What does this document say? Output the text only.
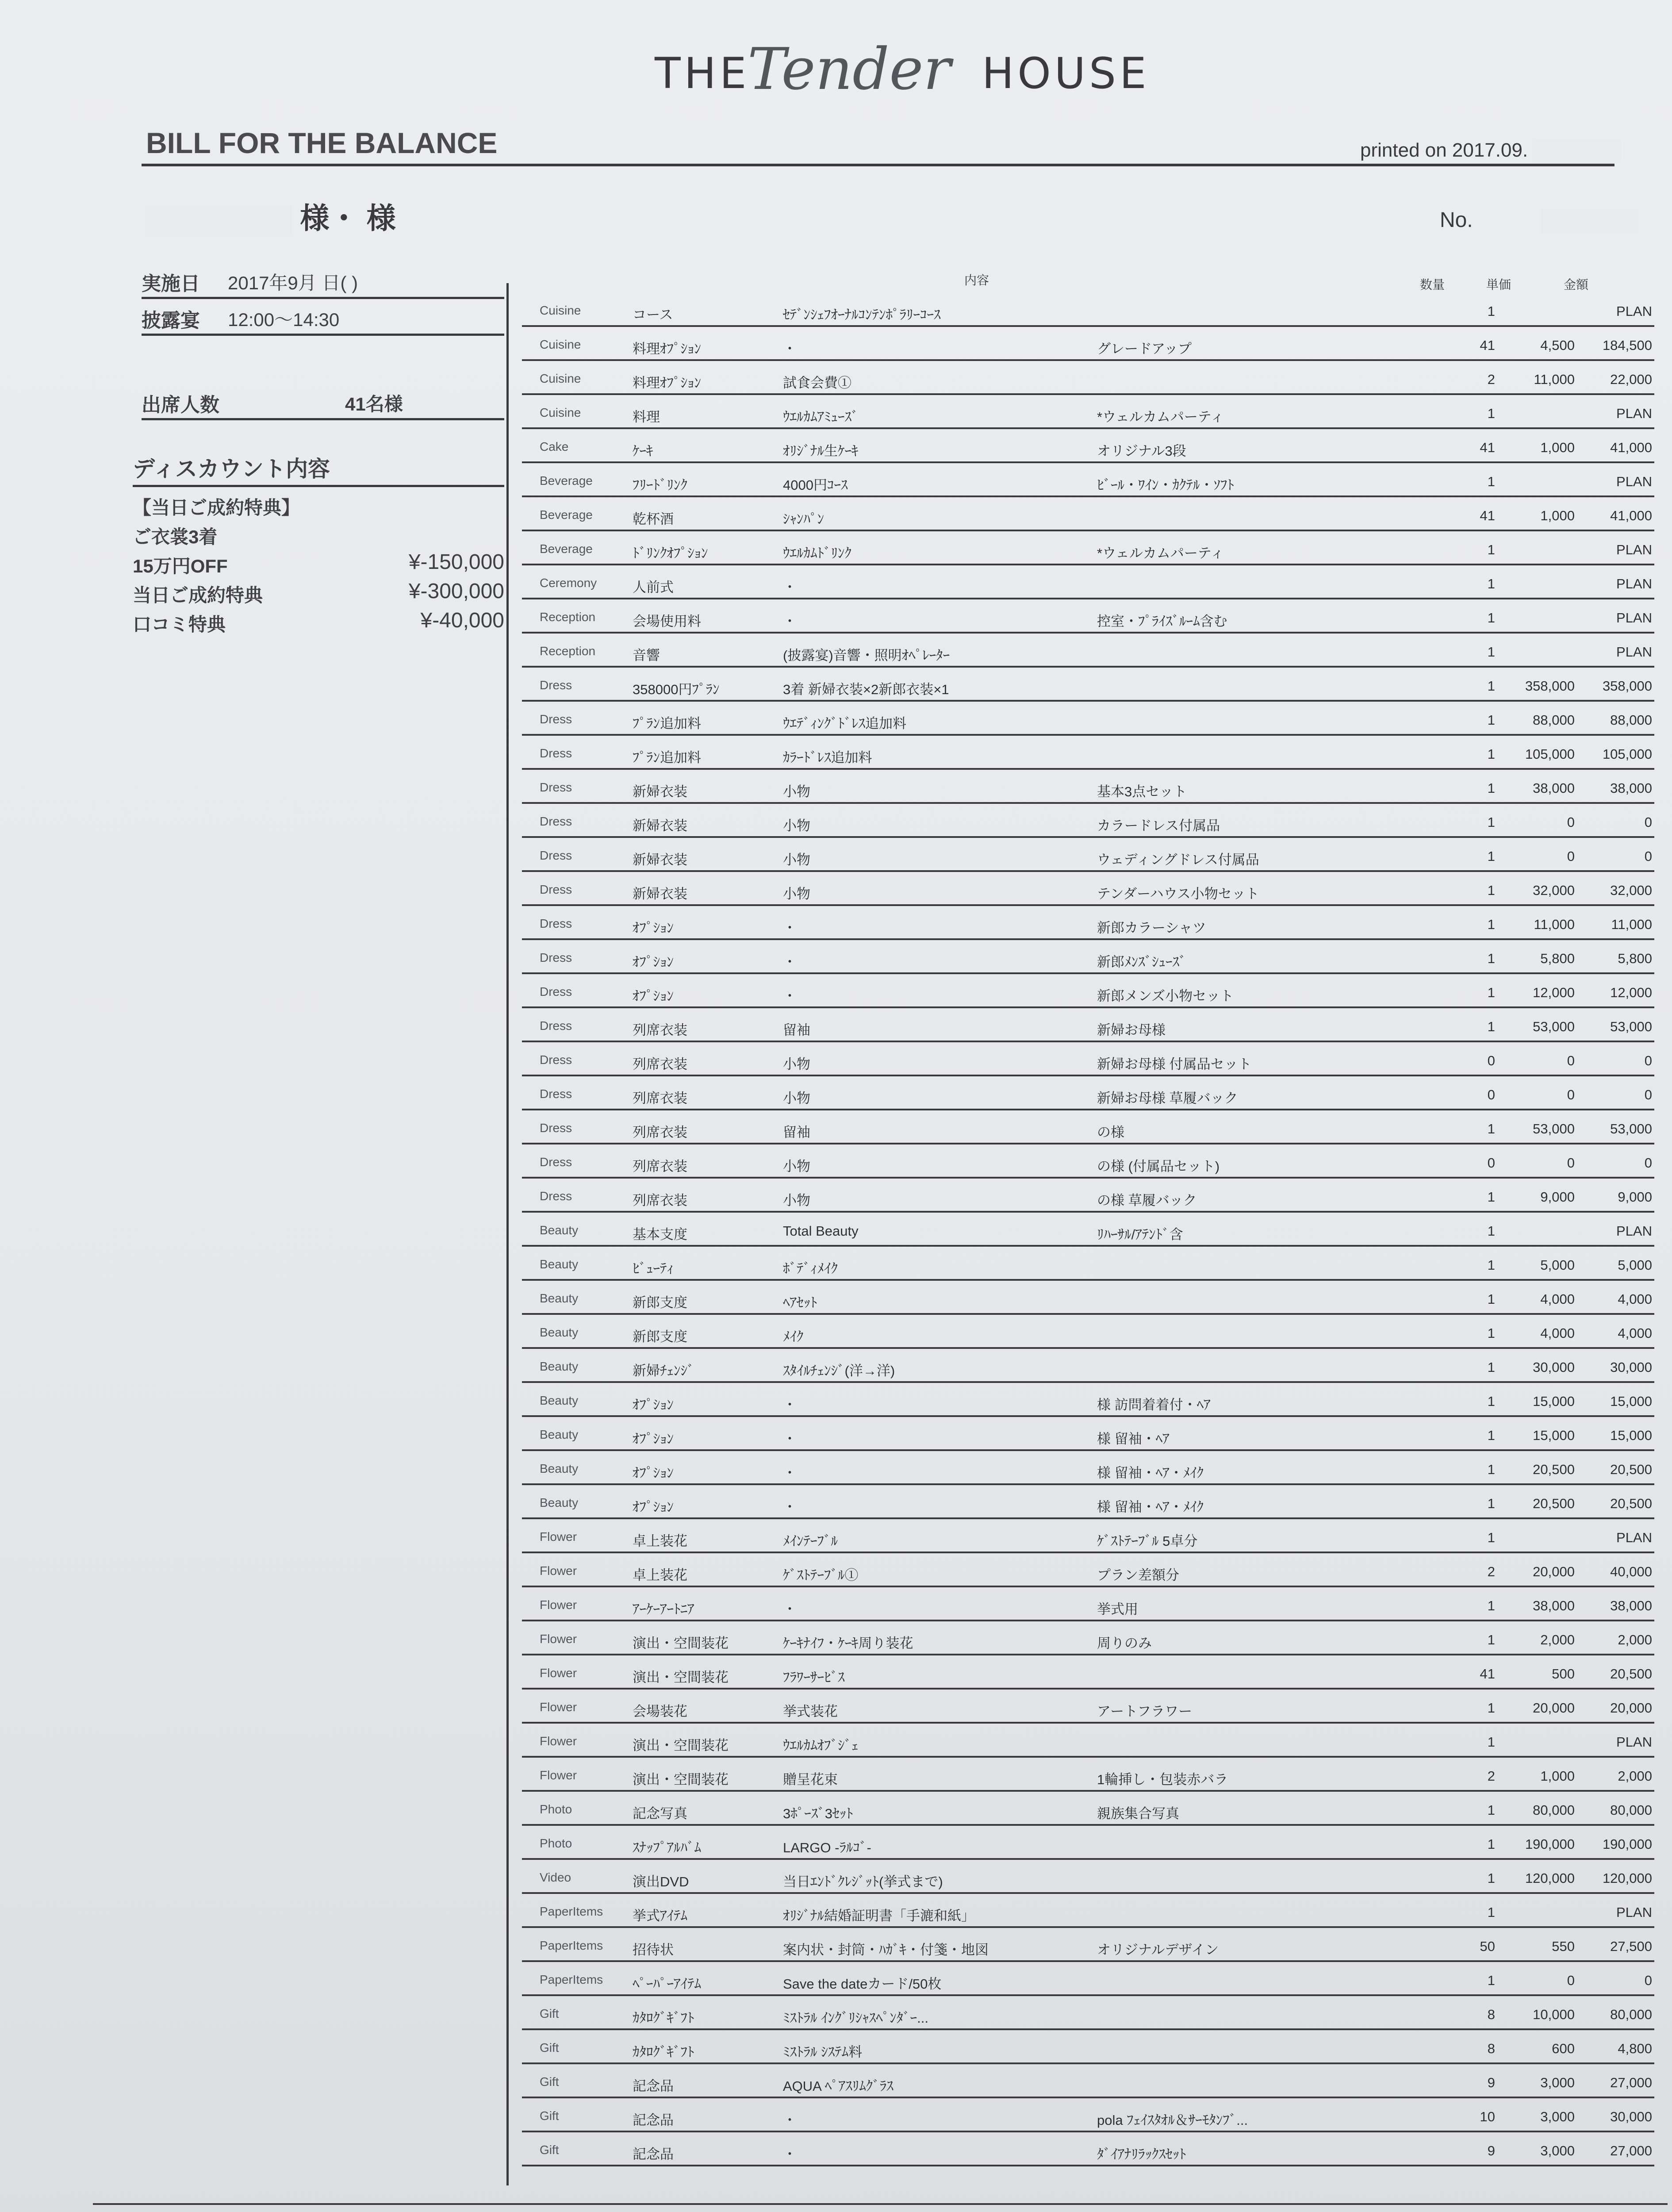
THE
Tender HOUSE
BILL FOR THE BALANCE	printed on 2017.09.
様・ 様	No.
実施日 2017年9月 日( )
披露宴 12:00～14:30
出席人数	41名様
ディスカウント内容
【当日ご成約特典】
ご衣裳3着
15万円OFF	¥-150,000
当日ご成約特典	¥-300,000
口コミ特典	¥-40,000
内容	数量	単価	金額
Cuisine	コース	ｾﾃﾞﾝｼｪﾌｵｰﾅﾙｺﾝﾃﾝﾎﾟﾗﾘｰｺｰｽ	1	PLAN
Cuisine	料理ｵﾌﾟｼｮﾝ	・	グレードアップ	41	4,500	184,500
Cuisine	料理ｵﾌﾟｼｮﾝ	試食会費①	2	11,000	22,000
Cuisine	料理	ｳｴﾙｶﾑｱﾐｭｰｽﾞ	*ウェルカムパーティ	1	PLAN
Cake	ｹｰｷ	ｵﾘｼﾞﾅﾙ生ｹｰｷ	オリジナル3段	41	1,000	41,000
Beverage	ﾌﾘｰﾄﾞﾘﾝｸ	4000円ｺｰｽ	ﾋﾞｰﾙ・ﾜｲﾝ・ｶｸﾃﾙ・ｿﾌﾄ	1	PLAN
Beverage	乾杯酒	ｼｬﾝﾊﾟﾝ	41	1,000	41,000
Beverage	ﾄﾞﾘﾝｸｵﾌﾟｼｮﾝ	ｳｴﾙｶﾑﾄﾞﾘﾝｸ	*ウェルカムパーティ	1	PLAN
Ceremony	人前式	・	1	PLAN
Reception	会場使用料	・	控室・ﾌﾟﾗｲｽﾞﾙｰﾑ含む	1	PLAN
Reception	音響	(披露宴)音響・照明ｵﾍﾟﾚｰﾀｰ	1	PLAN
Dress	358000円ﾌﾟﾗﾝ	3着 新婦衣装×2新郎衣装×1	1	358,000	358,000
Dress	ﾌﾟﾗﾝ追加料	ｳｴﾃﾞｨﾝｸﾞﾄﾞﾚｽ追加料	1	88,000	88,000
Dress	ﾌﾟﾗﾝ追加料	ｶﾗｰﾄﾞﾚｽ追加料	1	105,000	105,000
Dress	新婦衣装	小物	基本3点セット	1	38,000	38,000
Dress	新婦衣装	小物	カラードレス付属品	1	0	0
Dress	新婦衣装	小物	ウェディングドレス付属品	1	0	0
Dress	新婦衣装	小物	テンダーハウス小物セット	1	32,000	32,000
Dress	ｵﾌﾟｼｮﾝ	・	新郎カラーシャツ	1	11,000	11,000
Dress	ｵﾌﾟｼｮﾝ	・	新郎ﾒﾝｽﾞｼｭｰｽﾞ	1	5,800	5,800
Dress	ｵﾌﾟｼｮﾝ	・	新郎メンズ小物セット	1	12,000	12,000
Dress	列席衣装	留袖	新婦お母様	1	53,000	53,000
Dress	列席衣装	小物	新婦お母様 付属品セット	0	0	0
Dress	列席衣装	小物	新婦お母様 草履バック	0	0	0
Dress	列席衣装	留袖	の様	1	53,000	53,000
Dress	列席衣装	小物	の様 (付属品セット)	0	0	0
Dress	列席衣装	小物	の様 草履バック	1	9,000	9,000
Beauty	基本支度	Total Beauty	ﾘﾊｰｻﾙ/ｱﾃﾝﾄﾞ含	1	PLAN
Beauty	ﾋﾞｭｰﾃｨ	ﾎﾞﾃﾞｨﾒｲｸ	1	5,000	5,000
Beauty	新郎支度	ﾍｱｾｯﾄ	1	4,000	4,000
Beauty	新郎支度	ﾒｲｸ	1	4,000	4,000
Beauty	新婦ﾁｪﾝｼﾞ	ｽﾀｲﾙﾁｪﾝｼﾞ(洋→洋)	1	30,000	30,000
Beauty	ｵﾌﾟｼｮﾝ	・	様 訪問着着付・ﾍｱ	1	15,000	15,000
Beauty	ｵﾌﾟｼｮﾝ	・	様 留袖・ﾍｱ	1	15,000	15,000
Beauty	ｵﾌﾟｼｮﾝ	・	様 留袖・ﾍｱ・ﾒｲｸ	1	20,500	20,500
Beauty	ｵﾌﾟｼｮﾝ	・	様 留袖・ﾍｱ・ﾒｲｸ	1	20,500	20,500
Flower	卓上装花	ﾒｲﾝﾃｰﾌﾞﾙ	ｹﾞｽﾄﾃｰﾌﾞﾙ 5卓分	1	PLAN
Flower	卓上装花	ｹﾞｽﾄﾃｰﾌﾞﾙ①	プラン差額分	2	20,000	40,000
Flower	ｱｰｹｰｱｰﾄﾆｱ	・	挙式用	1	38,000	38,000
Flower	演出・空間装花	ｹｰｷﾅｲﾌ・ｹｰｷ周り装花	周りのみ	1	2,000	2,000
Flower	演出・空間装花	ﾌﾗﾜｰｻｰﾋﾞｽ	41	500	20,500
Flower	会場装花	挙式装花	アートフラワー	1	20,000	20,000
Flower	演出・空間装花	ｳｴﾙｶﾑｵﾌﾞｼﾞｪ	1	PLAN
Flower	演出・空間装花	贈呈花束	1輪挿し・包装赤バラ	2	1,000	2,000
Photo	記念写真	3ﾎﾟｰｽﾞ3ｾｯﾄ	親族集合写真	1	80,000	80,000
Photo	ｽﾅｯﾌﾟｱﾙﾊﾞﾑ	LARGO -ﾗﾙｺﾞ-	1	190,000	190,000
Video	演出DVD	当日ｴﾝﾄﾞｸﾚｼﾞｯﾄ(挙式まで)	1	120,000	120,000
PaperItems	挙式ｱｲﾃﾑ	ｵﾘｼﾞﾅﾙ結婚証明書「手漉和紙」	1	PLAN
PaperItems	招待状	案内状・封筒・ﾊｶﾞｷ・付箋・地図	オリジナルデザイン	50	550	27,500
PaperItems	ﾍﾟｰﾊﾟｰｱｲﾃﾑ	Save the dateカード/50枚	1	0	0
Gift	ｶﾀﾛｸﾞｷﾞﾌﾄ	ﾐｽﾄﾗﾙ ｲﾝｸﾞﾘｼｬｽﾍﾟﾝﾀﾞｰ...	8	10,000	80,000
Gift	ｶﾀﾛｸﾞｷﾞﾌﾄ	ﾐｽﾄﾗﾙ ｼｽﾃﾑ料	8	600	4,800
Gift	記念品	AQUA ﾍﾟｱｽﾘﾑｸﾞﾗｽ	9	3,000	27,000
Gift	記念品	・	pola ﾌｪｲｽﾀｵﾙ＆ｻｰﾓﾀﾝﾌﾞ...	10	3,000	30,000
Gift	記念品	・	ﾀﾞｲｱﾅﾘﾗｯｸｽｾｯﾄ	9	3,000	27,000
